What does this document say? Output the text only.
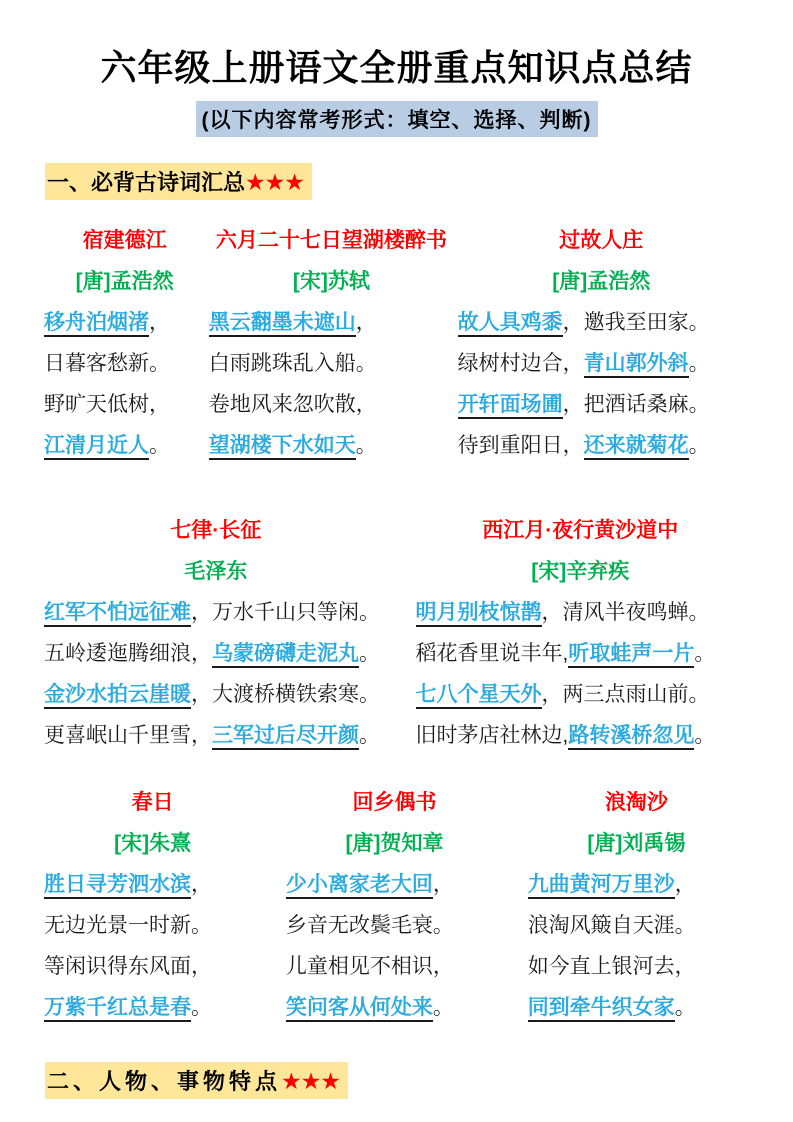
六年级上册语文全册重点知识点总结
(以下内容常考形式：填空、选择、判断)
一、必背古诗词汇总★★★
宿建德江
[唐]孟浩然
移舟泊烟渚，
日暮客愁新。
野旷天低树，
江清月近人。
六月二十七日望湖楼醉书
[宋]苏轼
黑云翻墨未遮山，
白雨跳珠乱入船。
卷地风来忽吹散，
望湖楼下水如天。
过故人庄
[唐]孟浩然
故人具鸡黍，邀我至田家。
绿树村边合，青山郭外斜。
开轩面场圃，把酒话桑麻。
待到重阳日，还来就菊花。
七律·长征
毛泽东
红军不怕远征难，万水千山只等闲。
五岭逶迤腾细浪，乌蒙磅礴走泥丸。
金沙水拍云崖暖，大渡桥横铁索寒。
更喜岷山千里雪，三军过后尽开颜。
西江月·夜行黄沙道中
[宋]辛弃疾
明月别枝惊鹊，清风半夜鸣蝉。
稻花香里说丰年,听取蛙声一片。
七八个星天外，两三点雨山前。
旧时茅店社林边,路转溪桥忽见。
春日
[宋]朱熹
胜日寻芳泗水滨，
无边光景一时新。
等闲识得东风面，
万紫千红总是春。
回乡偶书
[唐]贺知章
少小离家老大回，
乡音无改鬓毛衰。
儿童相见不相识，
笑问客从何处来。
浪淘沙
[唐]刘禹锡
九曲黄河万里沙，
浪淘风簸自天涯。
如今直上银河去，
同到牵牛织女家。
二、人物、事物特点★★★
